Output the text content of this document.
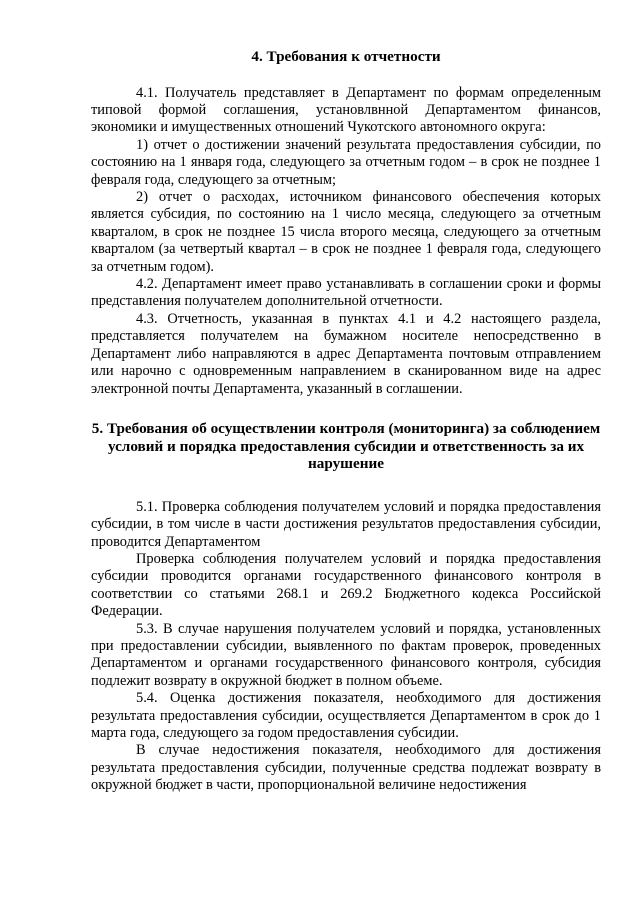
4. Требования к отчетности

4.1. Получатель представляет в Департамент по формам определенным типовой формой соглашения, установлвнной Департаментом финансов, экономики и имущественных отношений Чукотского автономного округа:

1) отчет о достижении значений результата предоставления субсидии, по состоянию на 1 января года, следующего за отчетным годом – в срок не позднее 1 февраля года, следующего за отчетным;

2) отчет о расходах, источником финансового обеспечения которых является субсидия, по состоянию на 1 число месяца, следующего за отчетным кварталом, в срок не позднее 15 числа второго месяца, следующего за отчетным кварталом (за четвертый квартал – в срок не позднее 1 февраля года, следующего за отчетным годом).

4.2. Департамент имеет право устанавливать в соглашении сроки и формы представления получателем дополнительной отчетности.

4.3. Отчетность, указанная в пунктах 4.1 и 4.2 настоящего раздела, представляется получателем на бумажном носителе непосредственно в Департамент либо направляются в адрес Департамента почтовым отправлением или нарочно с одновременным направлением в сканированном виде на адрес электронной почты Департамента, указанный в соглашении.

5. Требования об осуществлении контроля (мониторинга) за соблюдением условий и порядка предоставления субсидии и ответственность за их нарушение

5.1. Проверка соблюдения получателем условий и порядка предоставления субсидии, в том числе в части достижения результатов предоставления субсидии, проводится Департаментом

Проверка соблюдения получателем условий и порядка предоставления субсидии проводится органами государственного финансового контроля в соответствии со статьями 268.1 и 269.2 Бюджетного кодекса Российской Федерации.

5.3. В случае нарушения получателем условий и порядка, установленных при предоставлении субсидии, выявленного по фактам проверок, проведенных Департаментом и органами государственного финансового контроля, субсидия подлежит возврату в окружной бюджет в полном объеме.

5.4. Оценка достижения показателя, необходимого для достижения результата предоставления субсидии, осуществляется Департаментом в срок до 1 марта года, следующего за годом предоставления субсидии.

В случае недостижения показателя, необходимого для достижения результата предоставления субсидии, полученные средства подлежат возврату в окружной бюджет в части, пропорциональной величине недостижения
